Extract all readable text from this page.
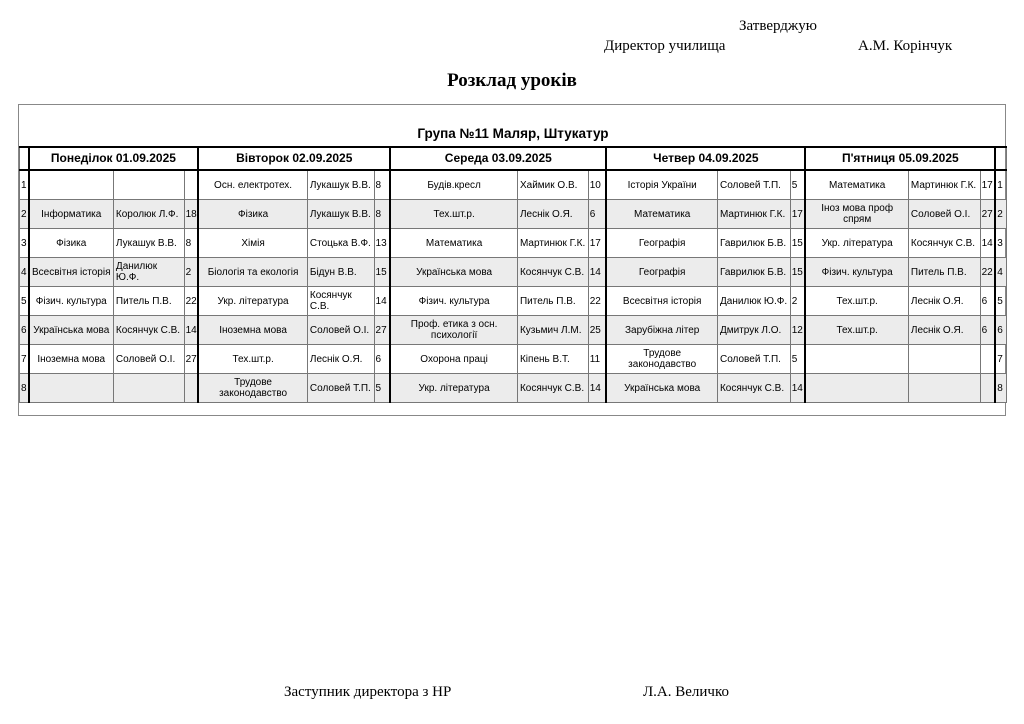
Затверджую
Директор училища	А.М. Корінчук
Розклад уроків
Група №11 Маляр, Штукатур
	Понеділок 01.09.2025			Вівторок 02.09.2025			Середа 03.09.2025			Четвер 04.09.2025			П'ятниця 05.09.2025			
1				Осн. електротех.	Лукашук В.В.	8	Будів.кресл	Хаймик О.В.	10	Історія України	Соловей Т.П.	5	Математика	Мартинюк Г.К.	17	1
2	Інформатика	Королюк Л.Ф.	18	Фізика	Лукашук В.В.	8	Тех.шт.р.	Леснік О.Я.	6	Математика	Мартинюк Г.К.	17	Іноз мова проф спрям	Соловей О.І.	27	2
3	Фізика	Лукашук В.В.	8	Хімія	Стоцька В.Ф.	13	Математика	Мартинюк Г.К.	17	Географія	Гаврилюк Б.В.	15	Укр. література	Косянчук С.В.	14	3
4	Всесвітня історія	Данилюк Ю.Ф.	2	Біологія та екологія	Бідун В.В.	15	Українська мова	Косянчук С.В.	14	Географія	Гаврилюк Б.В.	15	Фізич. культура	Питель П.В.	22	4
5	Фізич. культура	Питель П.В.	22	Укр. література	Косянчук С.В.	14	Фізич. культура	Питель П.В.	22	Всесвітня історія	Данилюк Ю.Ф.	2	Тех.шт.р.	Леснік О.Я.	6	5
6	Українська мова	Косянчук С.В.	14	Іноземна мова	Соловей О.І.	27	Проф. етика з осн. психології	Кузьмич Л.М.	25	Зарубіжна літер	Дмитрук Л.О.	12	Тех.шт.р.	Леснік О.Я.	6	6
7	Іноземна мова	Соловей О.І.	27	Тех.шт.р.	Леснік О.Я.	6	Охорона праці	Кіпень В.Т.	11	Трудове законодавство	Соловей Т.П.	5				7
8				Трудове законодавство	Соловей Т.П.	5	Укр. література	Косянчук С.В.	14	Українська мова	Косянчук С.В.	14				8
Заступник директора з НР	Л.А. Величко
